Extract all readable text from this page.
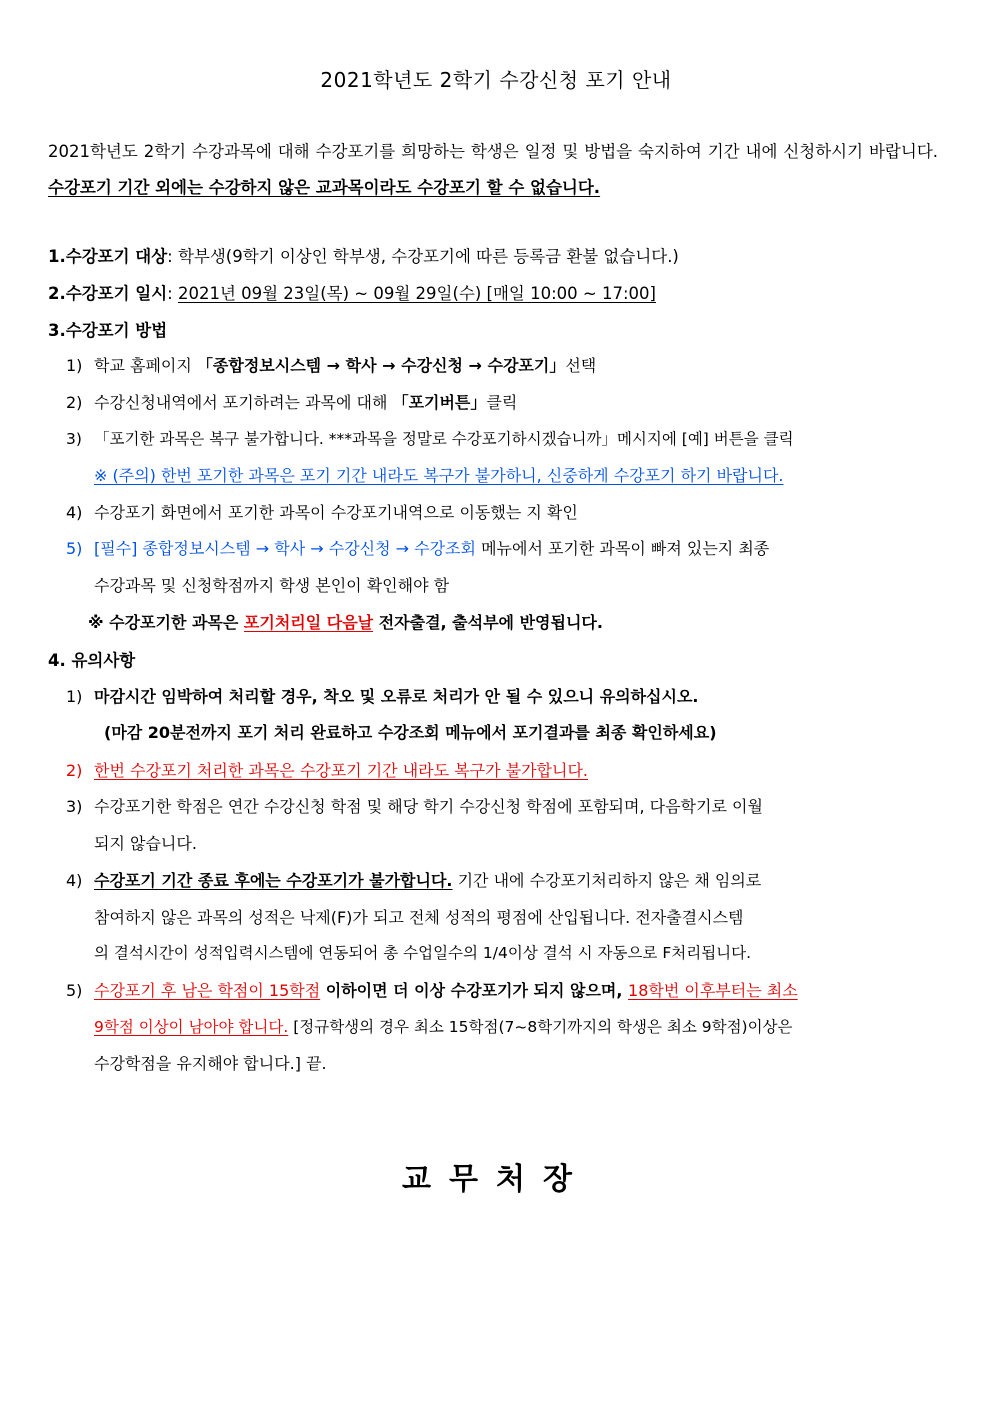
2021학년도 2학기 수강신청 포기 안내
2021학년도 2학기 수강과목에 대해 수강포기를 희망하는 학생은 일정 및 방법을 숙지하여 기간 내에 신청하시기 바랍니다. 수강포기 기간 외에는 수강하지 않은 교과목이라도 수강포기 할 수 없습니다.
1.수강포기 대상: 학부생(9학기 이상인 학부생, 수강포기에 따른 등록금 환불 없습니다.)
2.수강포기 일시: 2021년 09월 23일(목) ~ 09월 29일(수) [매일 10:00 ~ 17:00]
3.수강포기 방법
1) 학교 홈페이지 「종합정보시스템 → 학사 → 수강신청 → 수강포기」선택
2) 수강신청내역에서 포기하려는 과목에 대해 「포기버튼」클릭
3) 「포기한 과목은 복구 불가합니다. ***과목을 정말로 수강포기하시겠습니까」메시지에 [예] 버튼을 클릭
※ (주의) 한번 포기한 과목은 포기 기간 내라도 복구가 불가하니, 신중하게 수강포기 하기 바랍니다.
4) 수강포기 화면에서 포기한 과목이 수강포기내역으로 이동했는 지 확인
5) [필수] 종합정보시스템 → 학사 → 수강신청 → 수강조회 메뉴에서 포기한 과목이 빠져 있는지 최종
수강과목 및 신청학점까지 학생 본인이 확인해야 함
※ 수강포기한 과목은 포기처리일 다음날 전자출결, 출석부에 반영됩니다.
4. 유의사항
1) 마감시간 임박하여 처리할 경우, 착오 및 오류로 처리가 안 될 수 있으니 유의하십시오.
(마감 20분전까지 포기 처리 완료하고 수강조회 메뉴에서 포기결과를 최종 확인하세요)
2) 한번 수강포기 처리한 과목은 수강포기 기간 내라도 복구가 불가합니다.
3) 수강포기한 학점은 연간 수강신청 학점 및 해당 학기 수강신청 학점에 포함되며, 다음학기로 이월
되지 않습니다.
4) 수강포기 기간 종료 후에는 수강포기가 불가합니다. 기간 내에 수강포기처리하지 않은 채 임의로
참여하지 않은 과목의 성적은 낙제(F)가 되고 전체 성적의 평점에 산입됩니다. 전자출결시스템
의 결석시간이 성적입력시스템에 연동되어 총 수업일수의 1/4이상 결석 시 자동으로 F처리됩니다.
5) 수강포기 후 남은 학점이 15학점 이하이면 더 이상 수강포기가 되지 않으며, 18학번 이후부터는 최소
9학점 이상이 남아야 합니다. [정규학생의 경우 최소 15학점(7~8학기까지의 학생은 최소 9학점)이상은
수강학점을 유지해야 합니다.] 끝.
교무처장
